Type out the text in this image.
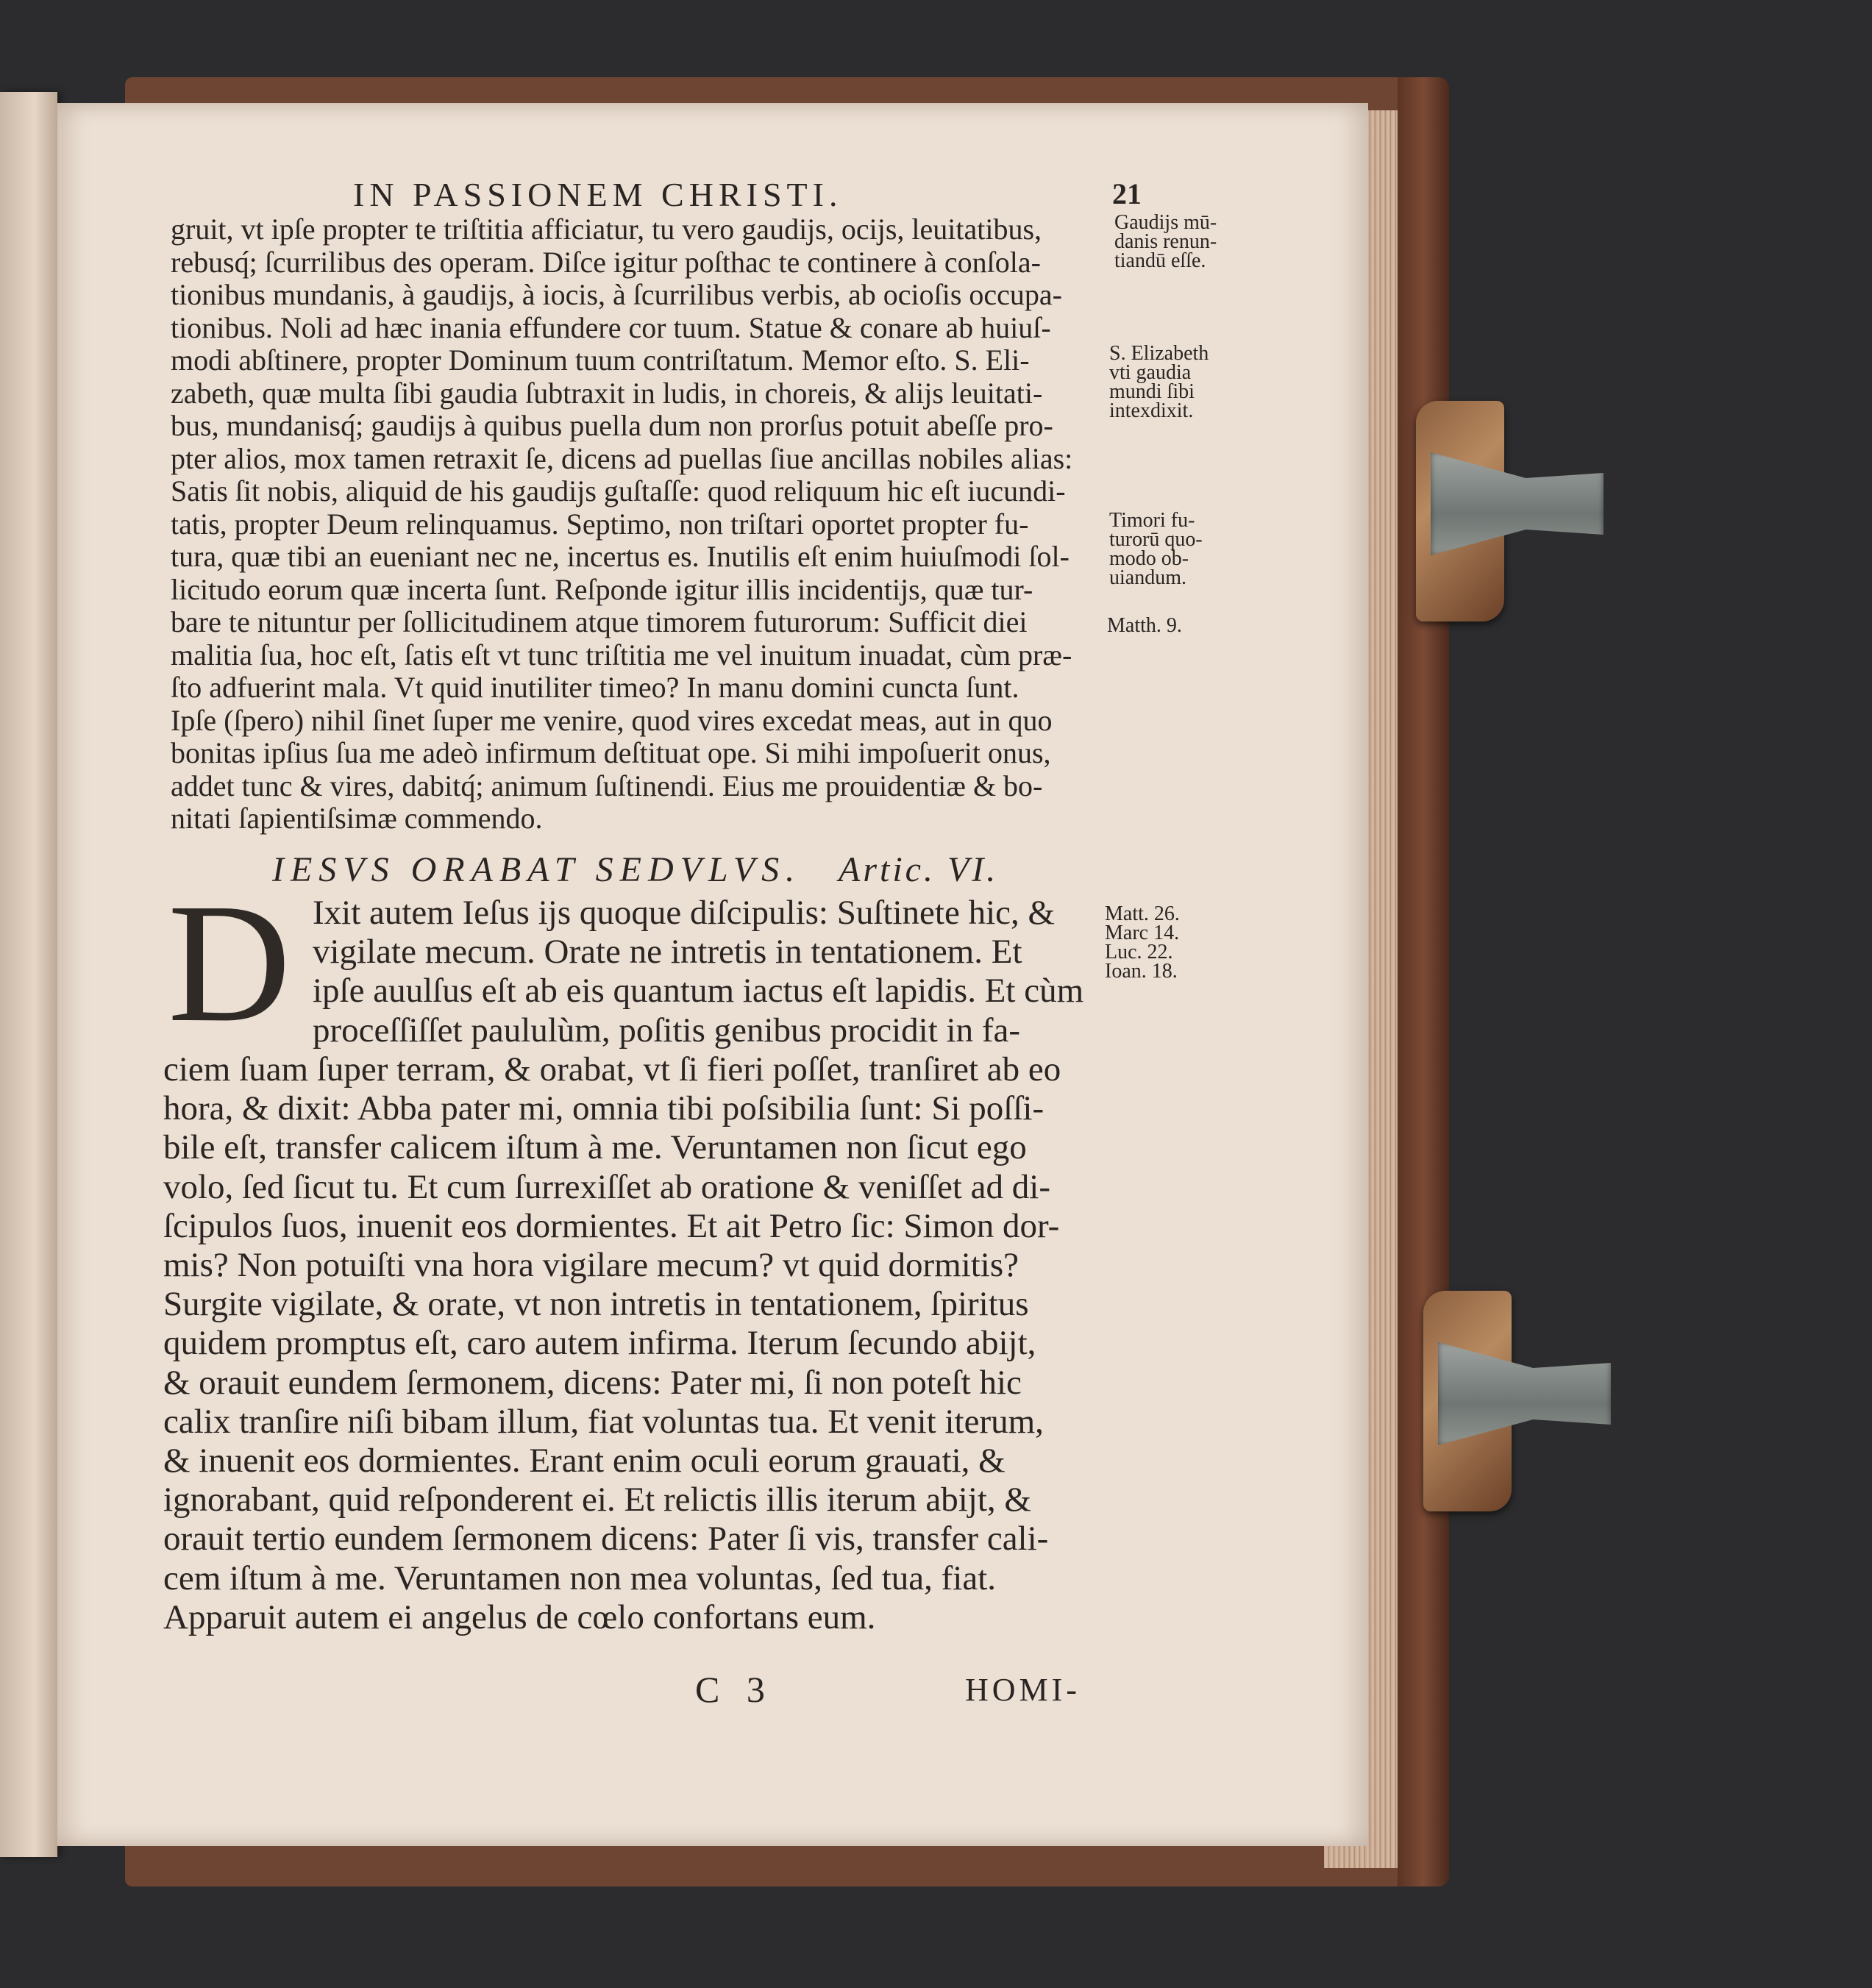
IN PASSIONEM CHRISTI.	21
gruit, vt ipſe propter te triſtitia afficiatur, tu vero gaudijs, ocijs, leuitatibus,
rebusq́; ſcurrilibus des operam. Diſce igitur poſthac te continere à conſola-
tionibus mundanis, à gaudijs, à iocis, à ſcurrilibus verbis, ab ocioſis occupa-
tionibus. Noli ad hæc inania effundere cor tuum. Statue & conare ab huiuſ-
modi abſtinere, propter Dominum tuum contriſtatum. Memor eſto. S. Eli-
zabeth, quæ multa ſibi gaudia ſubtraxit in ludis, in choreis, & alijs leuitati-
bus, mundanisq́; gaudijs à quibus puella dum non prorſus potuit abeſſe pro-
pter alios, mox tamen retraxit ſe, dicens ad puellas ſiue ancillas nobiles alias:
Satis ſit nobis, aliquid de his gaudijs guſtaſſe: quod reliquum hic eſt iucundi-
tatis, propter Deum relinquamus. Septimo, non triſtari oportet propter fu-
tura, quæ tibi an eueniant nec ne, incertus es. Inutilis eſt enim huiuſmodi ſol-
licitudo eorum quæ incerta ſunt. Reſponde igitur illis incidentijs, quæ tur-
bare te nituntur per ſollicitudinem atque timorem futurorum: Sufficit diei
malitia ſua, hoc eſt, ſatis eſt vt tunc triſtitia me vel inuitum inuadat, cùm præ-
ſto adfuerint mala. Vt quid inutiliter timeo? In manu domini cuncta ſunt.
Ipſe (ſpero) nihil ſinet ſuper me venire, quod vires excedat meas, aut in quo
bonitas ipſius ſua me adeò infirmum deſtituat ope. Si mihi impoſuerit onus,
addet tunc & vires, dabitq́; animum ſuſtinendi. Eius me prouidentiæ & bo-
nitati ſapientiſsimæ commendo.
Gaudijs mū-
danis renun-
tiandū eſſe.
S. Elizabeth
vti gaudia
mundi ſibi
intexdixit.
Timori fu-
turorū quo-
modo ob-
uiandum.
Matth. 9.
IESVS ORABAT SEDVLVS. Artic. VI.
D Ixit autem Ieſus ijs quoque diſcipulis: Suſtinete hic, &
vigilate mecum. Orate ne intretis in tentationem. Et
ipſe auulſus eſt ab eis quantum iactus eſt lapidis. Et cùm
proceſſiſſet paululùm, poſitis genibus procidit in fa-
ciem ſuam ſuper terram, & orabat, vt ſi fieri poſſet, tranſiret ab eo
hora, & dixit: Abba pater mi, omnia tibi poſsibilia ſunt: Si poſſi-
bile eſt, transfer calicem iſtum à me. Veruntamen non ſicut ego
volo, ſed ſicut tu. Et cum ſurrexiſſet ab oratione & veniſſet ad di-
ſcipulos ſuos, inuenit eos dormientes. Et ait Petro ſic: Simon dor-
mis? Non potuiſti vna hora vigilare mecum? vt quid dormitis?
Surgite vigilate, & orate, vt non intretis in tentationem, ſpiritus
quidem promptus eſt, caro autem infirma. Iterum ſecundo abijt,
& orauit eundem ſermonem, dicens: Pater mi, ſi non poteſt hic
calix tranſire niſi bibam illum, fiat voluntas tua. Et venit iterum,
& inuenit eos dormientes. Erant enim oculi eorum grauati, &
ignorabant, quid reſponderent ei. Et relictis illis iterum abijt, &
orauit tertio eundem ſermonem dicens: Pater ſi vis, transfer cali-
cem iſtum à me. Veruntamen non mea voluntas, ſed tua, fiat.
Apparuit autem ei angelus de cœlo confortans eum.
Matt. 26.
Marc 14.
Luc. 22.
Ioan. 18.
C 3	HOMI-
